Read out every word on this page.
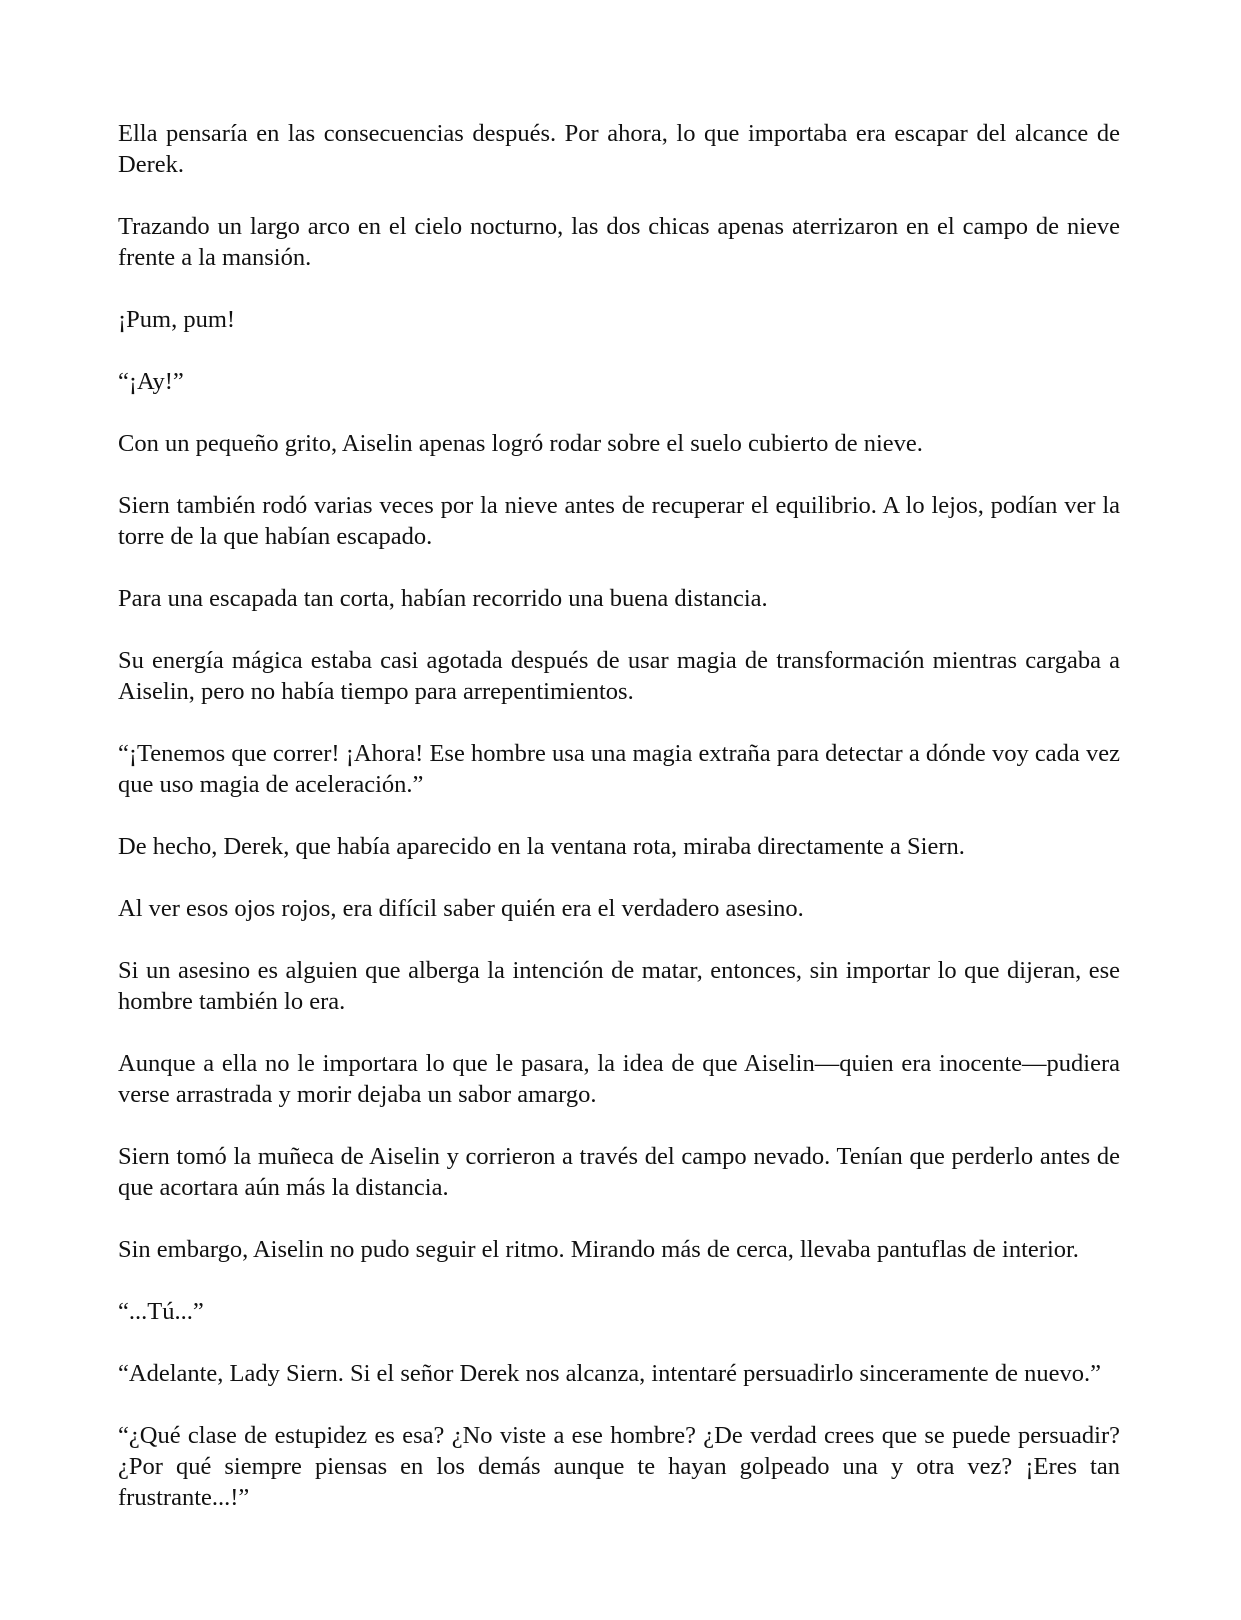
Ella pensaría en las consecuencias después. Por ahora, lo que importaba era escapar del alcance de Derek.

Trazando un largo arco en el cielo nocturno, las dos chicas apenas aterrizaron en el campo de nieve frente a la mansión.

¡Pum, pum!

“¡Ay!”

Con un pequeño grito, Aiselin apenas logró rodar sobre el suelo cubierto de nieve.

Siern también rodó varias veces por la nieve antes de recuperar el equilibrio. A lo lejos, podían ver la torre de la que habían escapado.

Para una escapada tan corta, habían recorrido una buena distancia.

Su energía mágica estaba casi agotada después de usar magia de transformación mientras cargaba a Aiselin, pero no había tiempo para arrepentimientos.

“¡Tenemos que correr! ¡Ahora! Ese hombre usa una magia extraña para detectar a dónde voy cada vez que uso magia de aceleración.”

De hecho, Derek, que había aparecido en la ventana rota, miraba directamente a Siern.

Al ver esos ojos rojos, era difícil saber quién era el verdadero asesino.

Si un asesino es alguien que alberga la intención de matar, entonces, sin importar lo que dijeran, ese hombre también lo era.

Aunque a ella no le importara lo que le pasara, la idea de que Aiselin—quien era inocente—pudiera verse arrastrada y morir dejaba un sabor amargo.

Siern tomó la muñeca de Aiselin y corrieron a través del campo nevado. Tenían que perderlo antes de que acortara aún más la distancia.

Sin embargo, Aiselin no pudo seguir el ritmo. Mirando más de cerca, llevaba pantuflas de interior.

“...Tú...”

“Adelante, Lady Siern. Si el señor Derek nos alcanza, intentaré persuadirlo sinceramente de nuevo.”

“¿Qué clase de estupidez es esa? ¿No viste a ese hombre? ¿De verdad crees que se puede persuadir? ¿Por qué siempre piensas en los demás aunque te hayan golpeado una y otra vez? ¡Eres tan frustrante...!”
